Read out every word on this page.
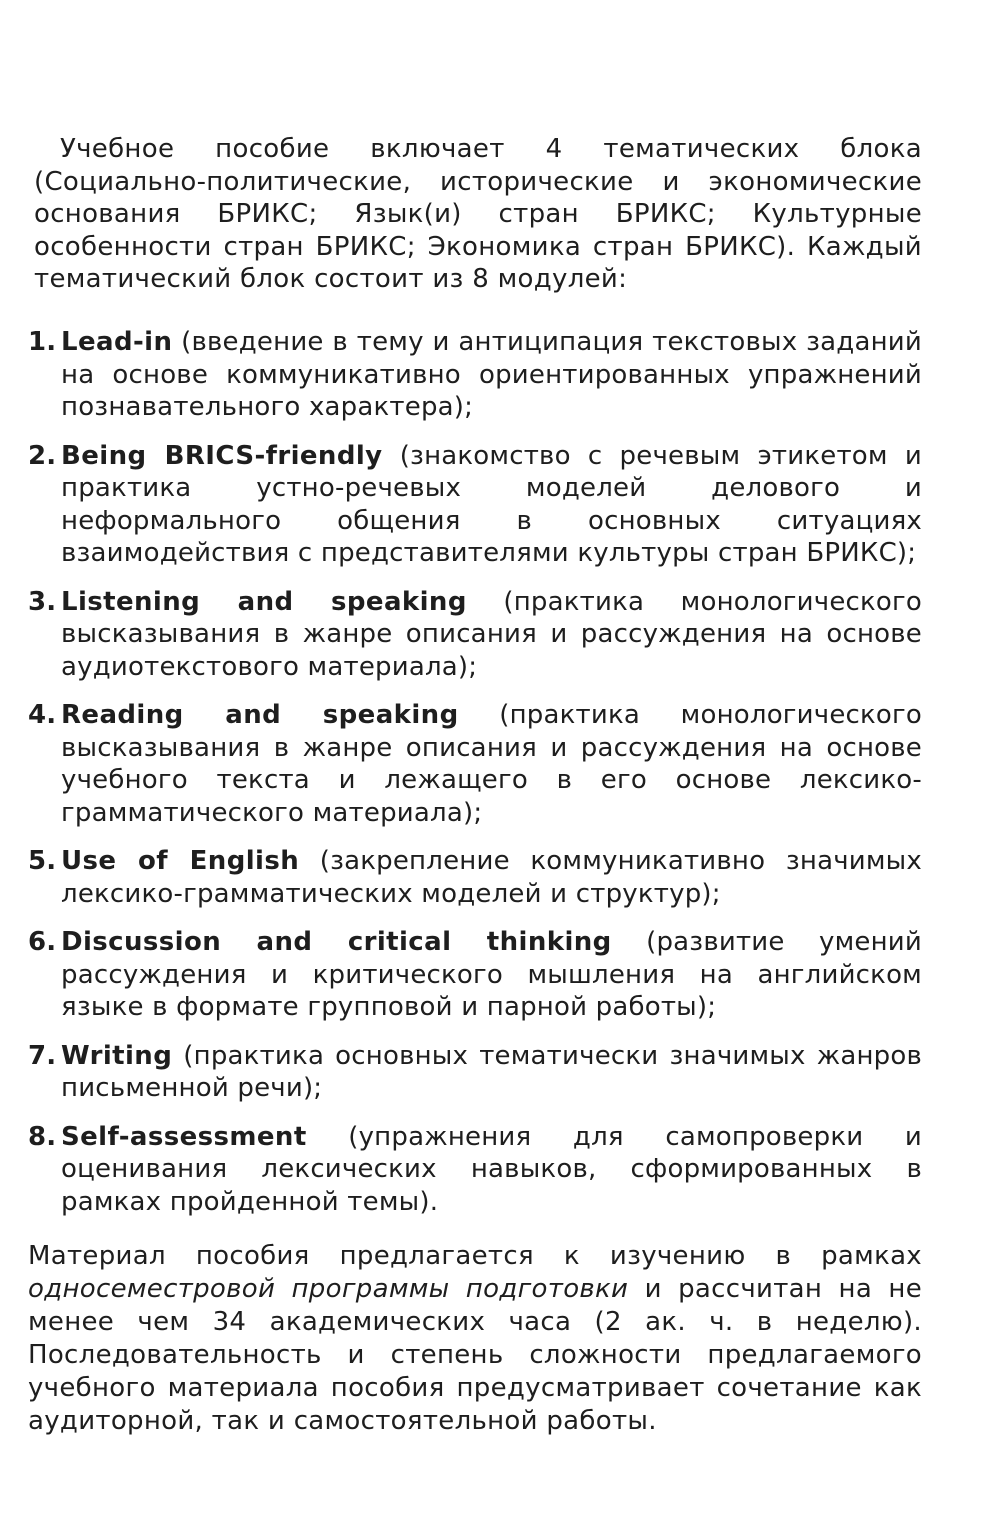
Учебное пособие включает 4 тематических блока (Социально-политические, исторические и экономические основания БРИКС; Язык(и) стран БРИКС; Культурные особенности стран БРИКС; Экономика стран БРИКС). Каждый тематический блок состоит из 8 модулей:

1. Lead-in (введение в тему и антиципация текстовых заданий на основе коммуникативно ориентированных упражнений познавательного характера);
2. Being BRICS-friendly (знакомство с речевым этикетом и практика устно-речевых моделей делового и неформального общения в основных ситуациях взаимодействия с представителями культуры стран БРИКС);
3. Listening and speaking (практика монологического высказывания в жанре описания и рассуждения на основе аудиотекстового материала);
4. Reading and speaking (практика монологического высказывания в жанре описания и рассуждения на основе учебного текста и лежащего в его основе лексико-грамматического материала);
5. Use of English (закрепление коммуникативно значимых лексико-грамматических моделей и структур);
6. Discussion and critical thinking (развитие умений рассуждения и критического мышления на английском языке в формате групповой и парной работы);
7. Writing (практика основных тематически значимых жанров письменной речи);
8. Self-assessment (упражнения для самопроверки и оценивания лексических навыков, сформированных в рамках пройденной темы).

Материал пособия предлагается к изучению в рамках односеместровой программы подготовки и рассчитан на не менее чем 34 академических часа (2 ак. ч. в неделю). Последовательность и степень сложности предлагаемого учебного материала пособия предусматривает сочетание как аудиторной, так и самостоятельной работы.
